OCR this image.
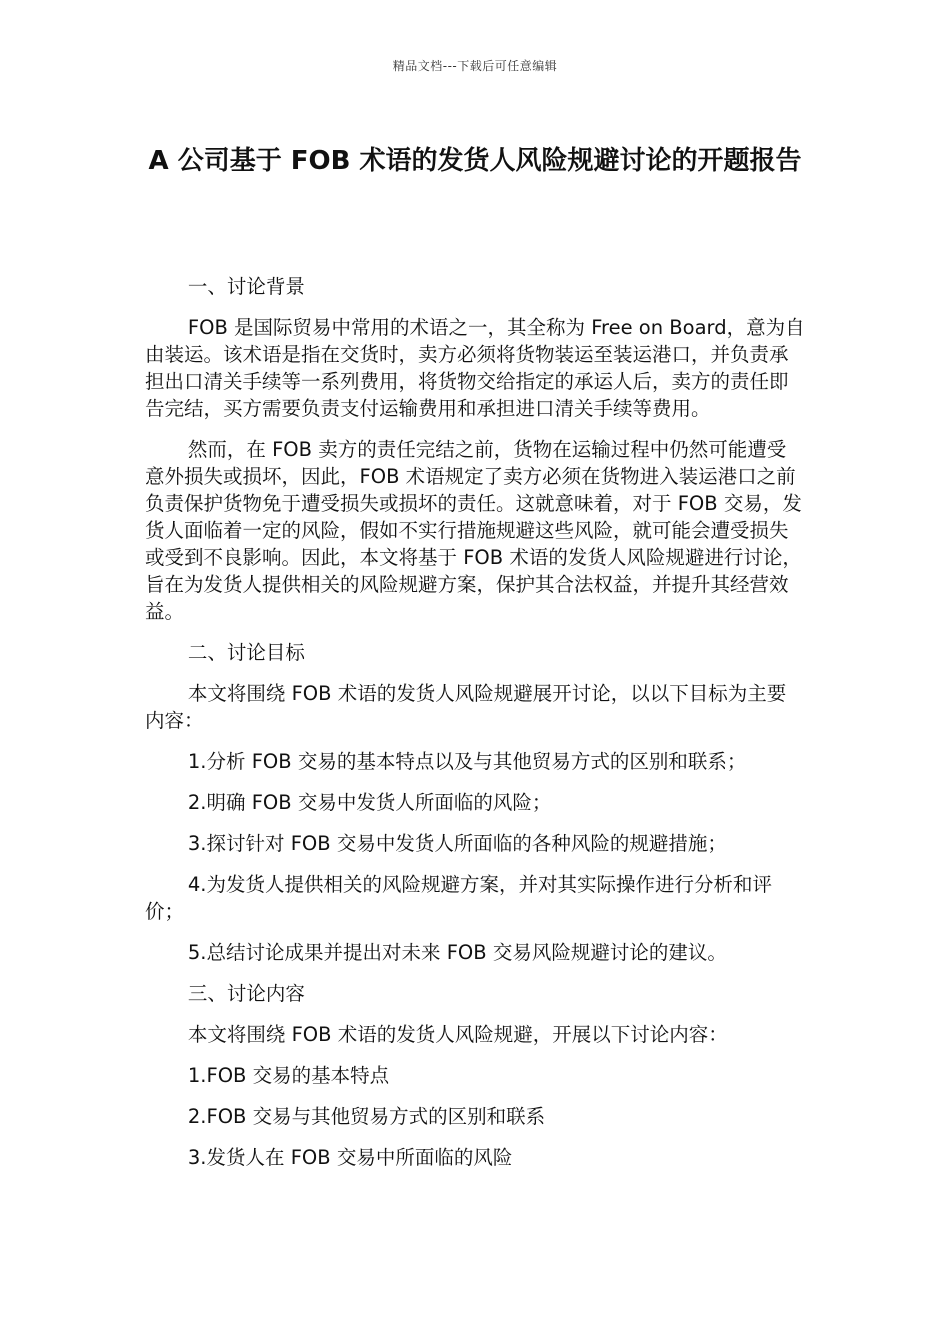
精品文档---下载后可任意编辑
A 公司基于 FOB 术语的发货人风险规避讨论的开题报告

一、讨论背景

FOB 是国际贸易中常用的术语之一，其全称为 Free on Board，意为自由装运。该术语是指在交货时，卖方必须将货物装运至装运港口，并负责承担出口清关手续等一系列费用，将货物交给指定的承运人后，卖方的责任即告完结，买方需要负责支付运输费用和承担进口清关手续等费用。

然而，在 FOB 卖方的责任完结之前，货物在运输过程中仍然可能遭受意外损失或损坏，因此，FOB 术语规定了卖方必须在货物进入装运港口之前负责保护货物免于遭受损失或损坏的责任。这就意味着，对于 FOB 交易，发货人面临着一定的风险，假如不实行措施规避这些风险，就可能会遭受损失或受到不良影响。因此，本文将基于 FOB 术语的发货人风险规避进行讨论，旨在为发货人提供相关的风险规避方案，保护其合法权益，并提升其经营效益。

二、讨论目标

本文将围绕 FOB 术语的发货人风险规避展开讨论，以以下目标为主要内容：

1.分析 FOB 交易的基本特点以及与其他贸易方式的区别和联系；

2.明确 FOB 交易中发货人所面临的风险；

3.探讨针对 FOB 交易中发货人所面临的各种风险的规避措施；

4.为发货人提供相关的风险规避方案，并对其实际操作进行分析和评价；

5.总结讨论成果并提出对未来 FOB 交易风险规避讨论的建议。

三、讨论内容

本文将围绕 FOB 术语的发货人风险规避，开展以下讨论内容：

1.FOB 交易的基本特点

2.FOB 交易与其他贸易方式的区别和联系

3.发货人在 FOB 交易中所面临的风险
